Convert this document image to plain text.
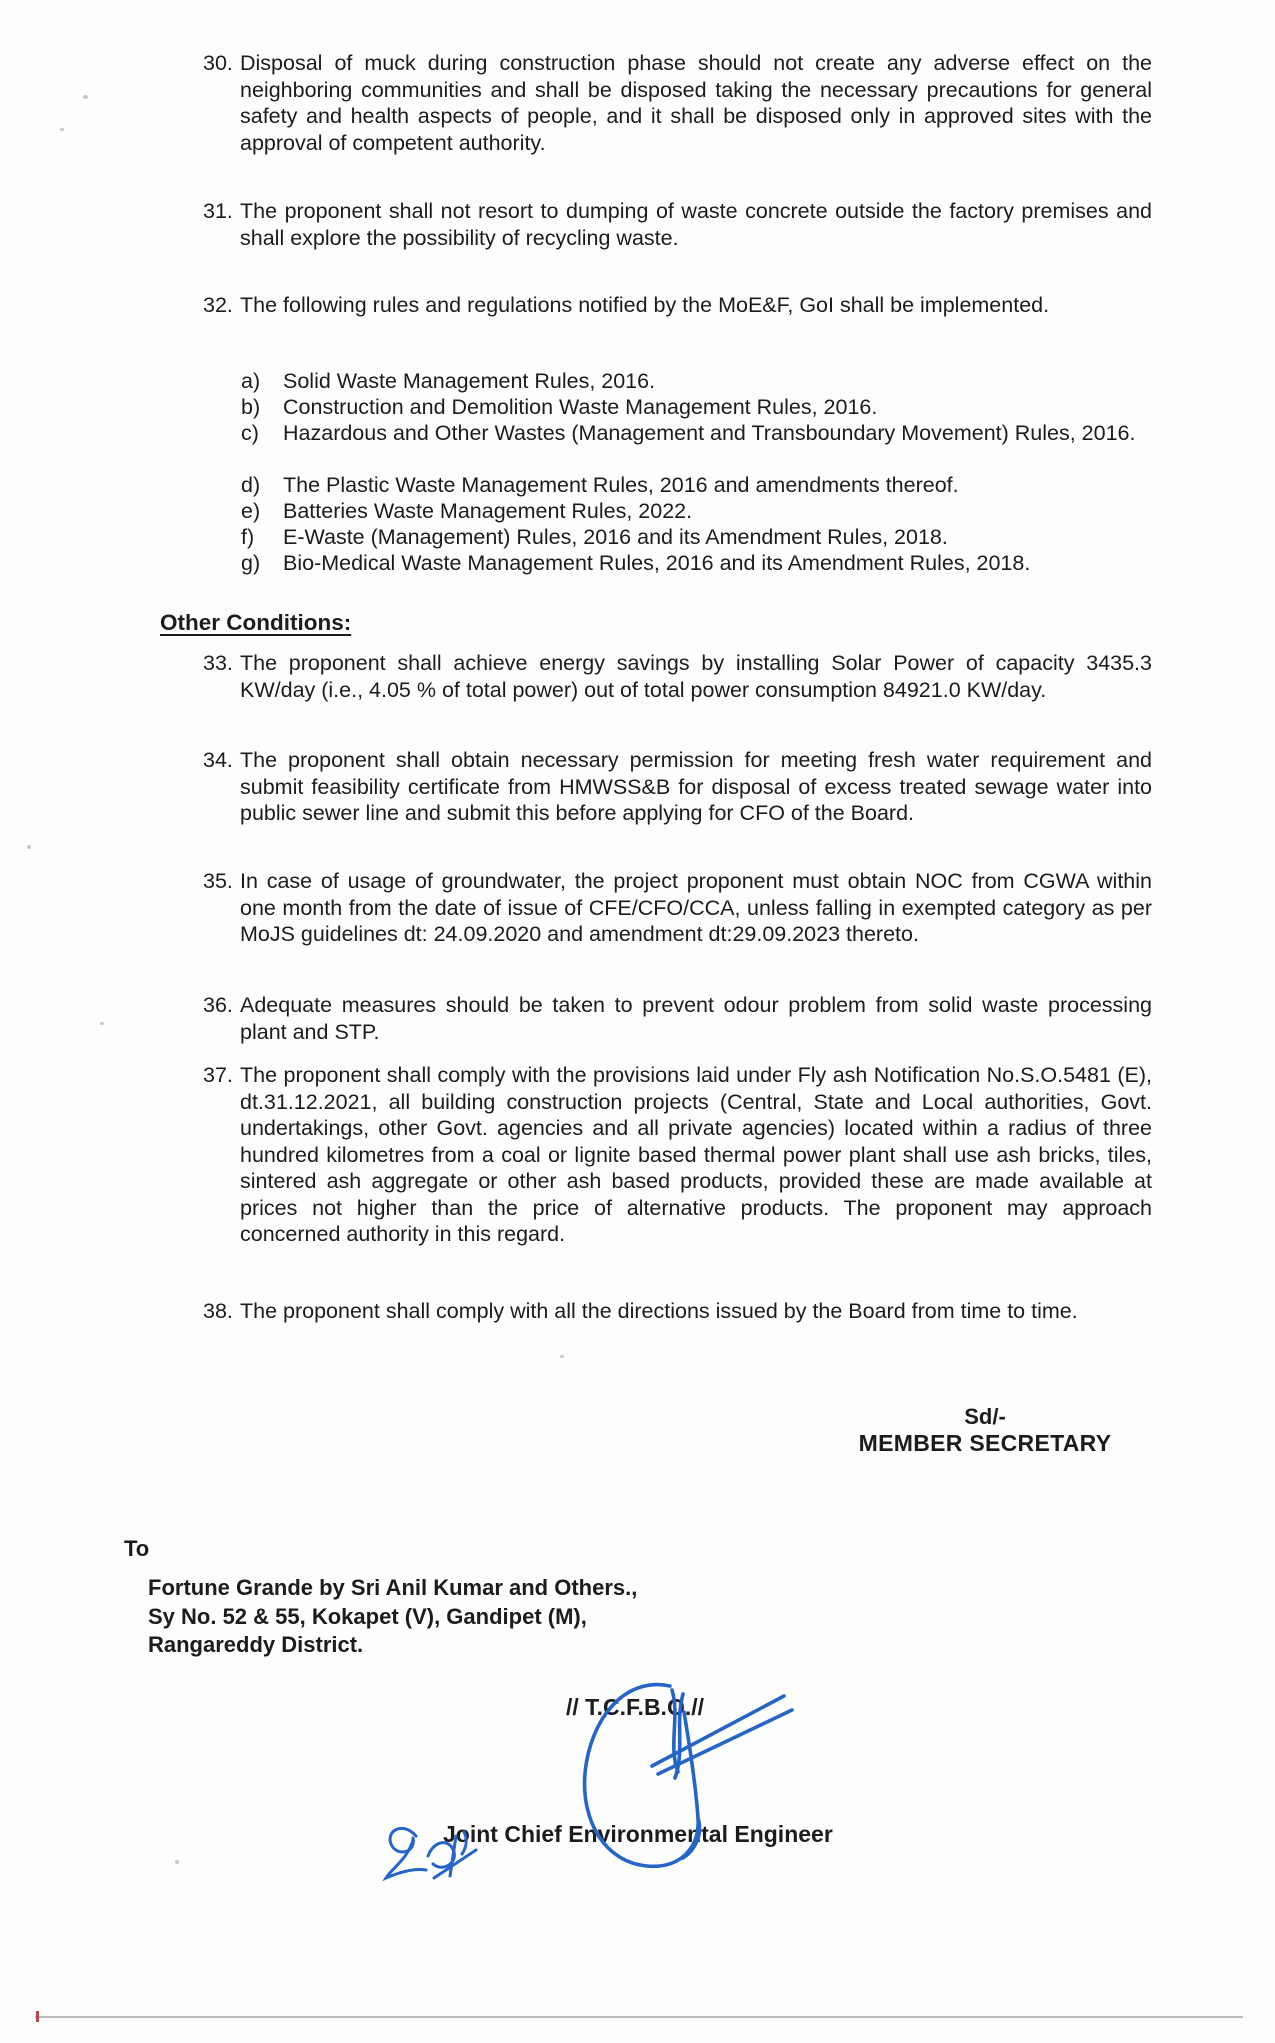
30. Disposal of muck during construction phase should not create any adverse effect on the neighboring communities and shall be disposed taking the necessary precautions for general safety and health aspects of people, and it shall be disposed only in approved sites with the approval of competent authority.
31. The proponent shall not resort to dumping of waste concrete outside the factory premises and shall explore the possibility of recycling waste.
32. The following rules and regulations notified by the MoE&F, GoI shall be implemented.
a) Solid Waste Management Rules, 2016.
b) Construction and Demolition Waste Management Rules, 2016.
c) Hazardous and Other Wastes (Management and Transboundary Movement) Rules, 2016.
d) The Plastic Waste Management Rules, 2016 and amendments thereof.
e) Batteries Waste Management Rules, 2022.
f) E-Waste (Management) Rules, 2016 and its Amendment Rules, 2018.
g) Bio-Medical Waste Management Rules, 2016 and its Amendment Rules, 2018.
Other Conditions:
33. The proponent shall achieve energy savings by installing Solar Power of capacity 3435.3 KW/day (i.e., 4.05 % of total power) out of total power consumption 84921.0 KW/day.
34. The proponent shall obtain necessary permission for meeting fresh water requirement and submit feasibility certificate from HMWSS&B for disposal of excess treated sewage water into public sewer line and submit this before applying for CFO of the Board.
35. In case of usage of groundwater, the project proponent must obtain NOC from CGWA within one month from the date of issue of CFE/CFO/CCA, unless falling in exempted category as per MoJS guidelines dt: 24.09.2020 and amendment dt:29.09.2023 thereto.
36. Adequate measures should be taken to prevent odour problem from solid waste processing plant and STP.
37. The proponent shall comply with the provisions laid under Fly ash Notification No.S.O.5481 (E), dt.31.12.2021, all building construction projects (Central, State and Local authorities, Govt. undertakings, other Govt. agencies and all private agencies) located within a radius of three hundred kilometres from a coal or lignite based thermal power plant shall use ash bricks, tiles, sintered ash aggregate or other ash based products, provided these are made available at prices not higher than the price of alternative products. The proponent may approach concerned authority in this regard.
38. The proponent shall comply with all the directions issued by the Board from time to time.
Sd/-
MEMBER SECRETARY
To
Fortune Grande by Sri Anil Kumar and Others.,
Sy No. 52 & 55, Kokapet (V), Gandipet (M),
Rangareddy District.
// T.C.F.B.O.//
Joint Chief Environmental Engineer
